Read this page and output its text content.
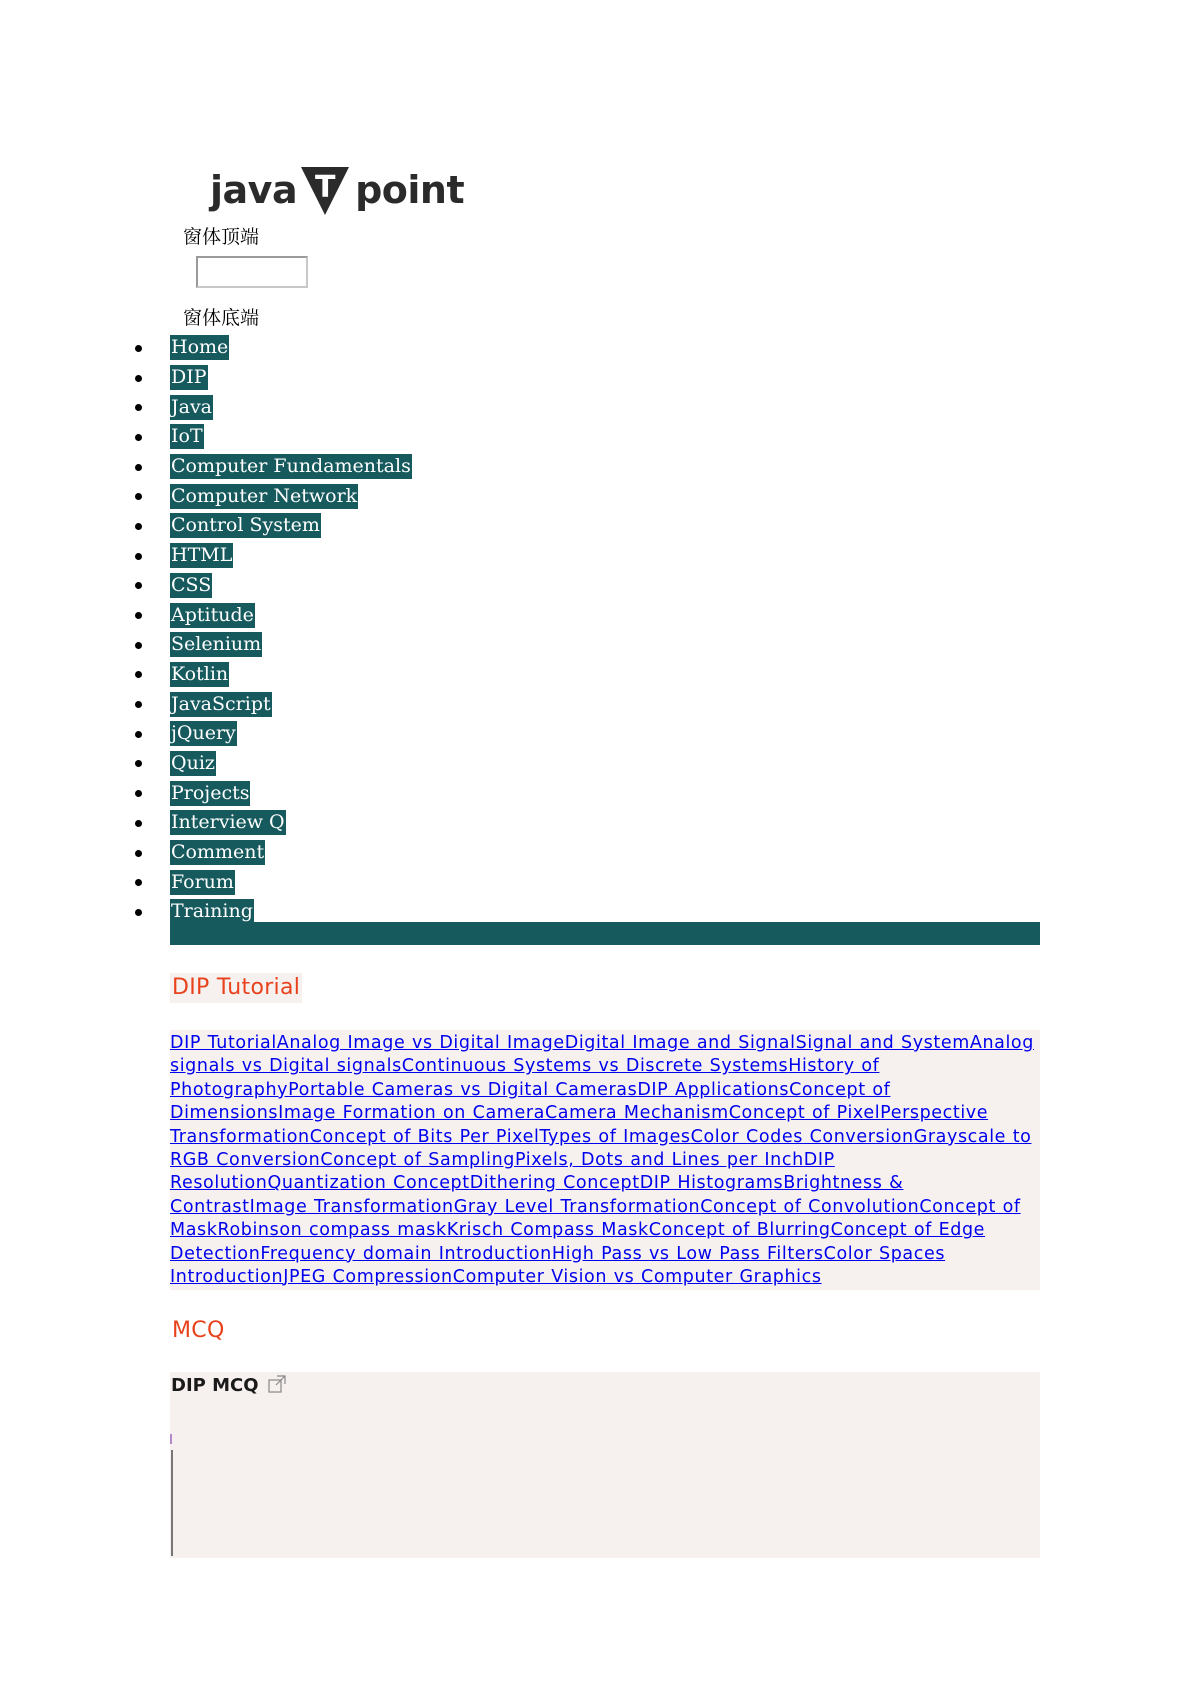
java T point
窗体顶端
窗体底端
Home
DIP
Java
IoT
Computer Fundamentals
Computer Network
Control System
HTML
CSS
Aptitude
Selenium
Kotlin
JavaScript
jQuery
Quiz
Projects
Interview Q
Comment
Forum
Training
DIP Tutorial
DIP TutorialAnalog Image vs Digital ImageDigital Image and SignalSignal and SystemAnalog signals vs Digital signalsContinuous Systems vs Discrete SystemsHistory of PhotographyPortable Cameras vs Digital CamerasDIP ApplicationsConcept of DimensionsImage Formation on CameraCamera MechanismConcept of PixelPerspective TransformationConcept of Bits Per PixelTypes of ImagesColor Codes ConversionGrayscale to RGB ConversionConcept of SamplingPixels, Dots and Lines per InchDIP ResolutionQuantization ConceptDithering ConceptDIP HistogramsBrightness & ContrastImage TransformationGray Level TransformationConcept of ConvolutionConcept of MaskRobinson compass maskKrisch Compass MaskConcept of BlurringConcept of Edge DetectionFrequency domain IntroductionHigh Pass vs Low Pass FiltersColor Spaces IntroductionJPEG CompressionComputer Vision vs Computer Graphics
MCQ
DIP MCQ
